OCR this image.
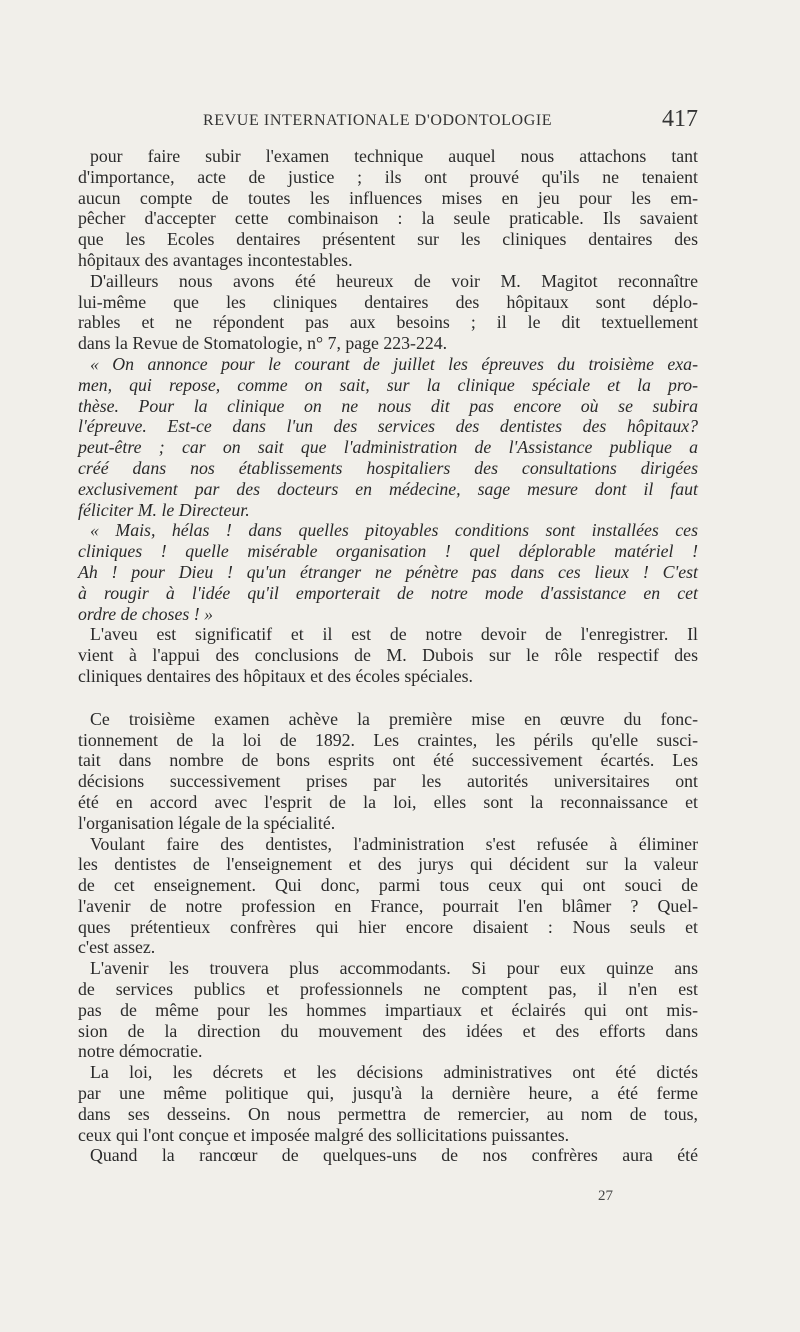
REVUE INTERNATIONALE D'ODONTOLOGIE	417
pour faire subir l'examen technique auquel nous attachons tant
d'importance, acte de justice ; ils ont prouvé qu'ils ne tenaient
aucun compte de toutes les influences mises en jeu pour les em-
pêcher d'accepter cette combinaison : la seule praticable. Ils savaient
que les Ecoles dentaires présentent sur les cliniques dentaires des
hôpitaux des avantages incontestables.
D'ailleurs nous avons été heureux de voir M. Magitot reconnaître
lui-même que les cliniques dentaires des hôpitaux sont déplo-
rables et ne répondent pas aux besoins ; il le dit textuellement
dans la Revue de Stomatologie, n° 7, page 223-224.
« On annonce pour le courant de juillet les épreuves du troisième exa-
men, qui repose, comme on sait, sur la clinique spéciale et la pro-
thèse. Pour la clinique on ne nous dit pas encore où se subira
l'épreuve. Est-ce dans l'un des services des dentistes des hôpitaux?
peut-être ; car on sait que l'administration de l'Assistance publique a
créé dans nos établissements hospitaliers des consultations dirigées
exclusivement par des docteurs en médecine, sage mesure dont il faut
féliciter M. le Directeur.
« Mais, hélas ! dans quelles pitoyables conditions sont installées ces
cliniques ! quelle misérable organisation ! quel déplorable matériel !
Ah ! pour Dieu ! qu'un étranger ne pénètre pas dans ces lieux ! C'est
à rougir à l'idée qu'il emporterait de notre mode d'assistance en cet
ordre de choses ! »
L'aveu est significatif et il est de notre devoir de l'enregistrer. Il
vient à l'appui des conclusions de M. Dubois sur le rôle respectif des
cliniques dentaires des hôpitaux et des écoles spéciales.
Ce troisième examen achève la première mise en œuvre du fonc-
tionnement de la loi de 1892. Les craintes, les périls qu'elle susci-
tait dans nombre de bons esprits ont été successivement écartés. Les
décisions successivement prises par les autorités universitaires ont
été en accord avec l'esprit de la loi, elles sont la reconnaissance et
l'organisation légale de la spécialité.
Voulant faire des dentistes, l'administration s'est refusée à éliminer
les dentistes de l'enseignement et des jurys qui décident sur la valeur
de cet enseignement. Qui donc, parmi tous ceux qui ont souci de
l'avenir de notre profession en France, pourrait l'en blâmer ? Quel-
ques prétentieux confrères qui hier encore disaient : Nous seuls et
c'est assez.
L'avenir les trouvera plus accommodants. Si pour eux quinze ans
de services publics et professionnels ne comptent pas, il n'en est
pas de même pour les hommes impartiaux et éclairés qui ont mis-
sion de la direction du mouvement des idées et des efforts dans
notre démocratie.
La loi, les décrets et les décisions administratives ont été dictés
par une même politique qui, jusqu'à la dernière heure, a été ferme
dans ses desseins. On nous permettra de remercier, au nom de tous,
ceux qui l'ont conçue et imposée malgré des sollicitations puissantes.
Quand la rancœur de quelques-uns de nos confrères aura été
27
